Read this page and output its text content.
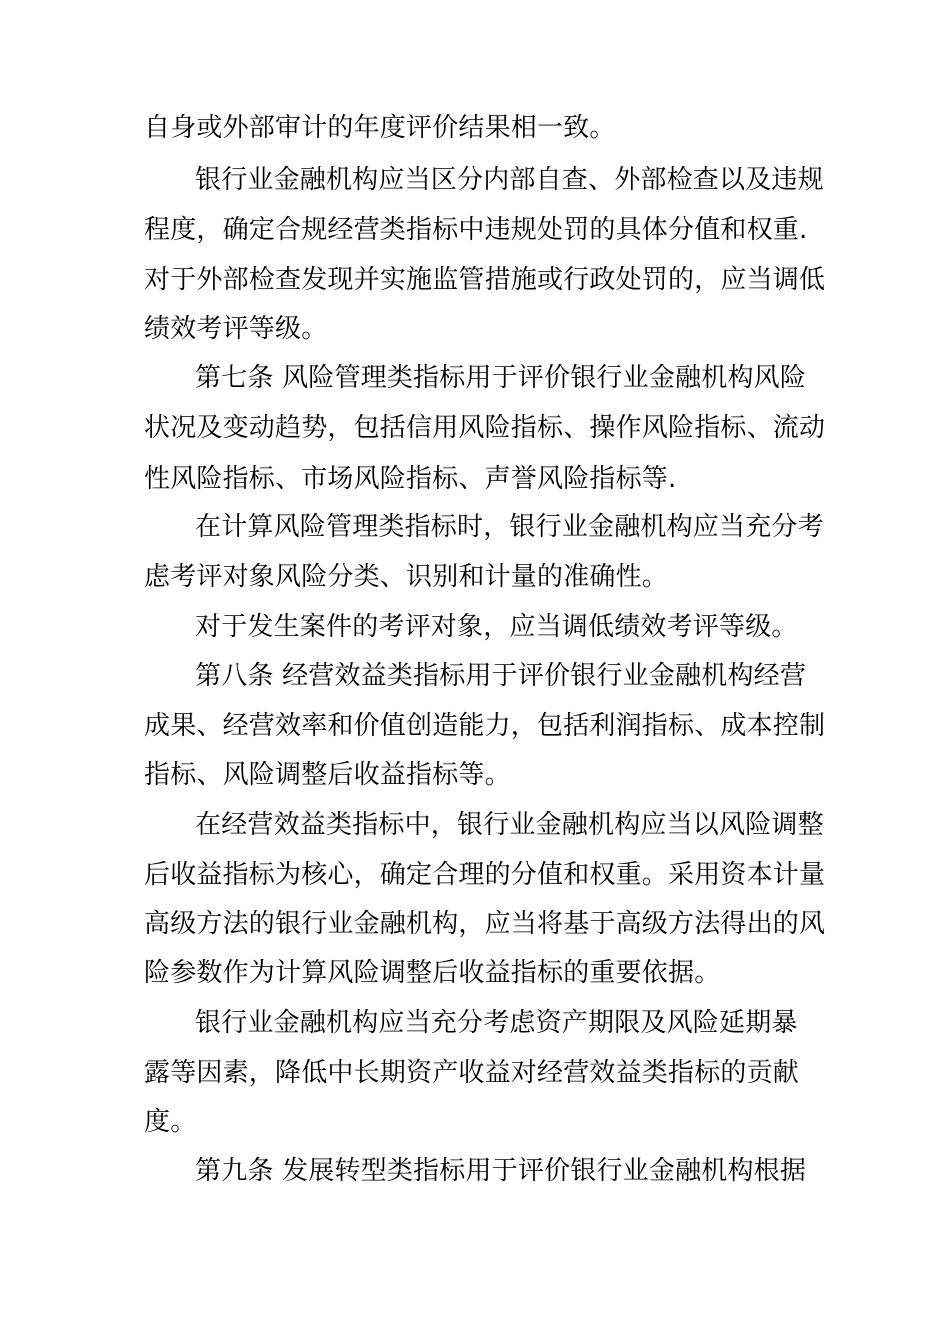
自身或外部审计的年度评价结果相一致。
银行业金融机构应当区分内部自查、外部检查以及违规
程度，确定合规经营类指标中违规处罚的具体分值和权重.
对于外部检查发现并实施监管措施或行政处罚的，应当调低
绩效考评等级。
第七条 风险管理类指标用于评价银行业金融机构风险
状况及变动趋势，包括信用风险指标、操作风险指标、流动
性风险指标、市场风险指标、声誉风险指标等.
在计算风险管理类指标时，银行业金融机构应当充分考
虑考评对象风险分类、识别和计量的准确性。
对于发生案件的考评对象，应当调低绩效考评等级。
第八条 经营效益类指标用于评价银行业金融机构经营
成果、经营效率和价值创造能力，包括利润指标、成本控制
指标、风险调整后收益指标等。
在经营效益类指标中，银行业金融机构应当以风险调整
后收益指标为核心，确定合理的分值和权重。采用资本计量
高级方法的银行业金融机构，应当将基于高级方法得出的风
险参数作为计算风险调整后收益指标的重要依据。
银行业金融机构应当充分考虑资产期限及风险延期暴
露等因素，降低中长期资产收益对经营效益类指标的贡献
度。
第九条 发展转型类指标用于评价银行业金融机构根据
